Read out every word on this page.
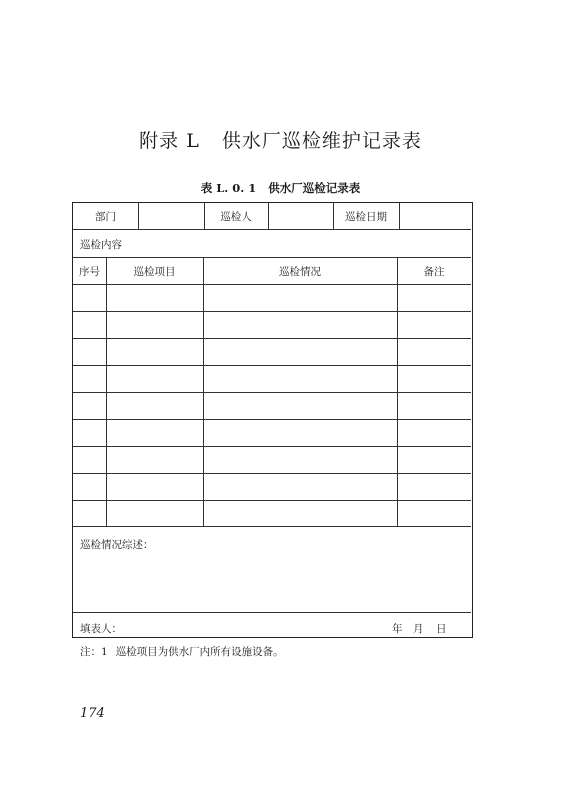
附录 L 供水厂巡检维护记录表
表 L. 0. 1 供水厂巡检记录表
部门	巡检人	巡检日期
巡检内容
序号	巡检项目	巡检情况	备注
巡检情况综述：
填表人：	年 月 日
注：1 巡检项目为供水厂内所有设施设备。
174
